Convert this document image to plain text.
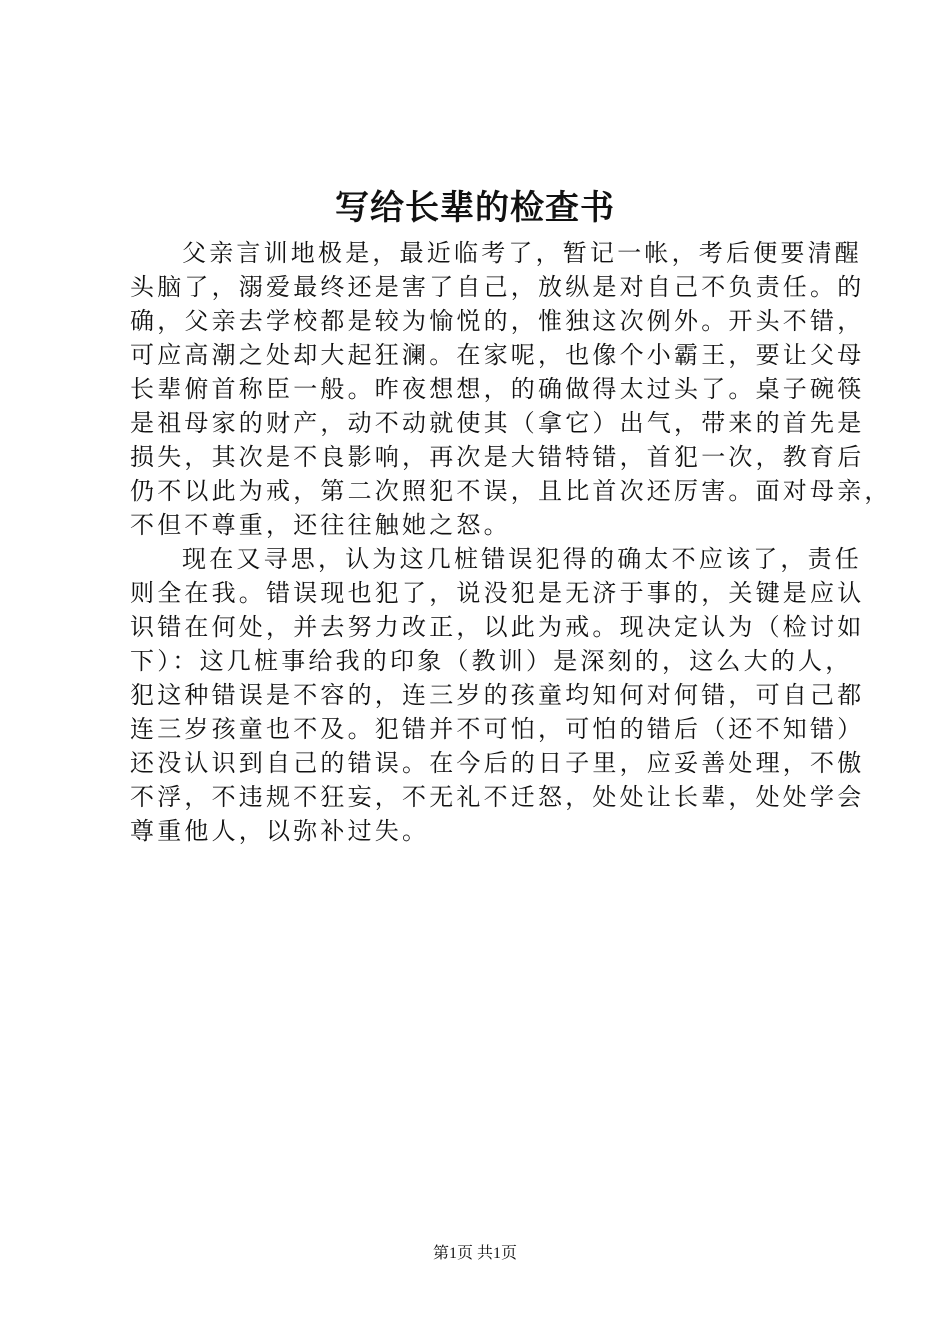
写给长辈的检查书
父亲言训地极是，最近临考了，暂记一帐，考后便要清醒
头脑了，溺爱最终还是害了自己，放纵是对自己不负责任。的
确，父亲去学校都是较为愉悦的，惟独这次例外。开头不错，
可应高潮之处却大起狂澜。在家呢，也像个小霸王，要让父母
长辈俯首称臣一般。昨夜想想，的确做得太过头了。桌子碗筷
是祖母家的财产，动不动就使其（拿它）出气，带来的首先是
损失，其次是不良影响，再次是大错特错，首犯一次，教育后
仍不以此为戒，第二次照犯不误，且比首次还厉害。面对母亲，
不但不尊重，还往往触她之怒。
现在又寻思，认为这几桩错误犯得的确太不应该了，责任
则全在我。错误现也犯了，说没犯是无济于事的，关键是应认
识错在何处，并去努力改正，以此为戒。现决定认为（检讨如
下）：这几桩事给我的印象（教训）是深刻的，这么大的人，
犯这种错误是不容的，连三岁的孩童均知何对何错，可自己都
连三岁孩童也不及。犯错并不可怕，可怕的错后（还不知错）
还没认识到自己的错误。在今后的日子里，应妥善处理，不傲
不浮，不违规不狂妄，不无礼不迁怒，处处让长辈，处处学会
尊重他人，以弥补过失。
第1页 共1页
